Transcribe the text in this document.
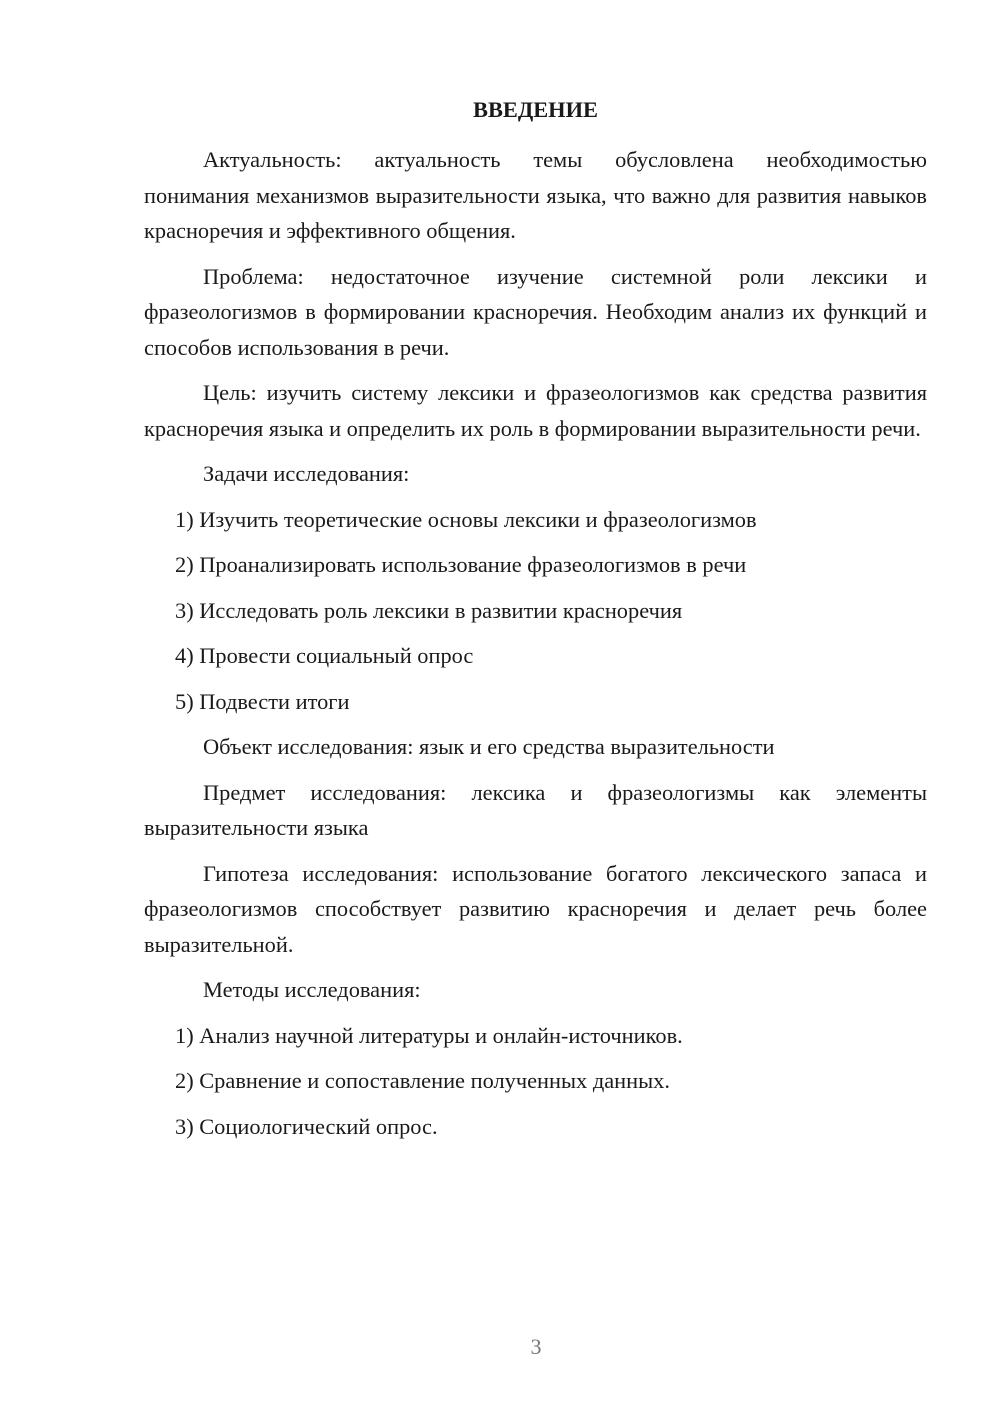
ВВЕДЕНИЕ

Актуальность: актуальность темы обусловлена необходимостью понимания механизмов выразительности языка, что важно для развития навыков красноречия и эффективного общения.

Проблема: недостаточное изучение системной роли лексики и фразеологизмов в формировании красноречия. Необходим анализ их функций и способов использования в речи.

Цель: изучить систему лексики и фразеологизмов как средства развития красноречия языка и определить их роль в формировании выразительности речи.

Задачи исследования:

1) Изучить теоретические основы лексики и фразеологизмов
2) Проанализировать использование фразеологизмов в речи
3) Исследовать роль лексики в развитии красноречия
4) Провести социальный опрос
5) Подвести итоги

Объект исследования: язык и его средства выразительности

Предмет исследования: лексика и фразеологизмы как элементы выразительности языка

Гипотеза исследования: использование богатого лексического запаса и фразеологизмов способствует развитию красноречия и делает речь более выразительной.

Методы исследования:

1) Анализ научной литературы и онлайн-источников.
2) Сравнение и сопоставление полученных данных.
3) Социологический опрос.
3
